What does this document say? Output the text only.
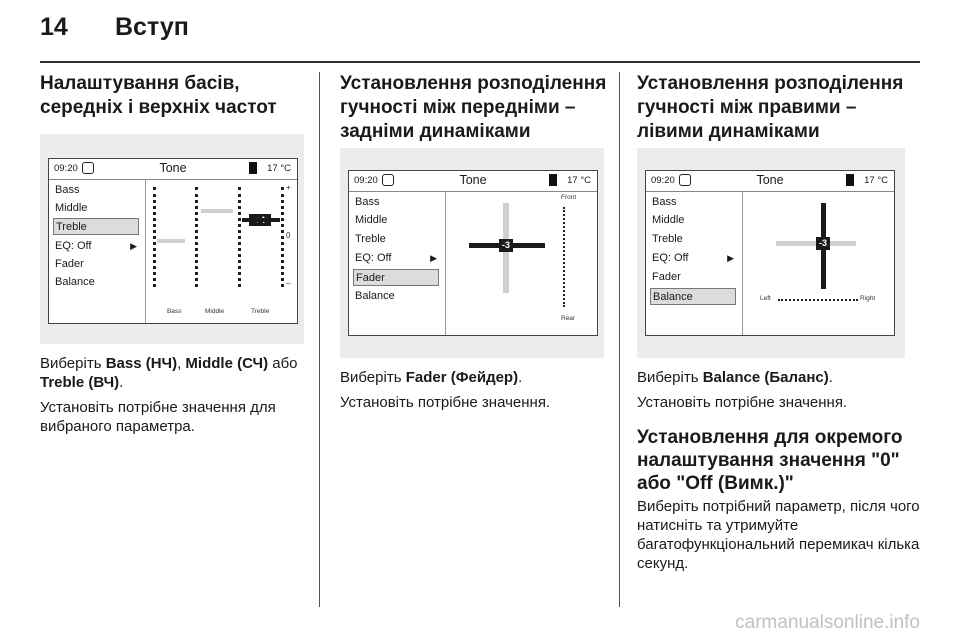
14 Вступ
Налаштування басів, середніх і верхніх частот
09:20	Tone	17 °C
Bass
Middle
Treble
EQ: Off	▶
Fader
Balance
+
0
–
Bass	Middle	Treble

Виберіть Bass (НЧ), Middle (СЧ) або Treble (ВЧ).

Установіть потрібне значення для вибраного параметра.

Установлення розподілення гучності між передніми – задніми динаміками
09:20	Tone	17 °C
Bass
Middle
Treble
EQ: Off	▶
Fader
Balance
-3
Front
Rear

Виберіть Fader (Фейдер).

Установіть потрібне значення.

Установлення розподілення гучності між правими – лівими динаміками
09:20	Tone	17 °C
Bass
Middle
Treble
EQ: Off	▶
Fader
Balance
-3
Left	Right

Виберіть Balance (Баланс).

Установіть потрібне значення.

Установлення для окремого налаштування значення "0" або "Off (Вимк.)"

Виберіть потрібний параметр, після чого натисніть та утримуйте багатофункціональний перемикач кілька секунд.

carmanualsonline.info
